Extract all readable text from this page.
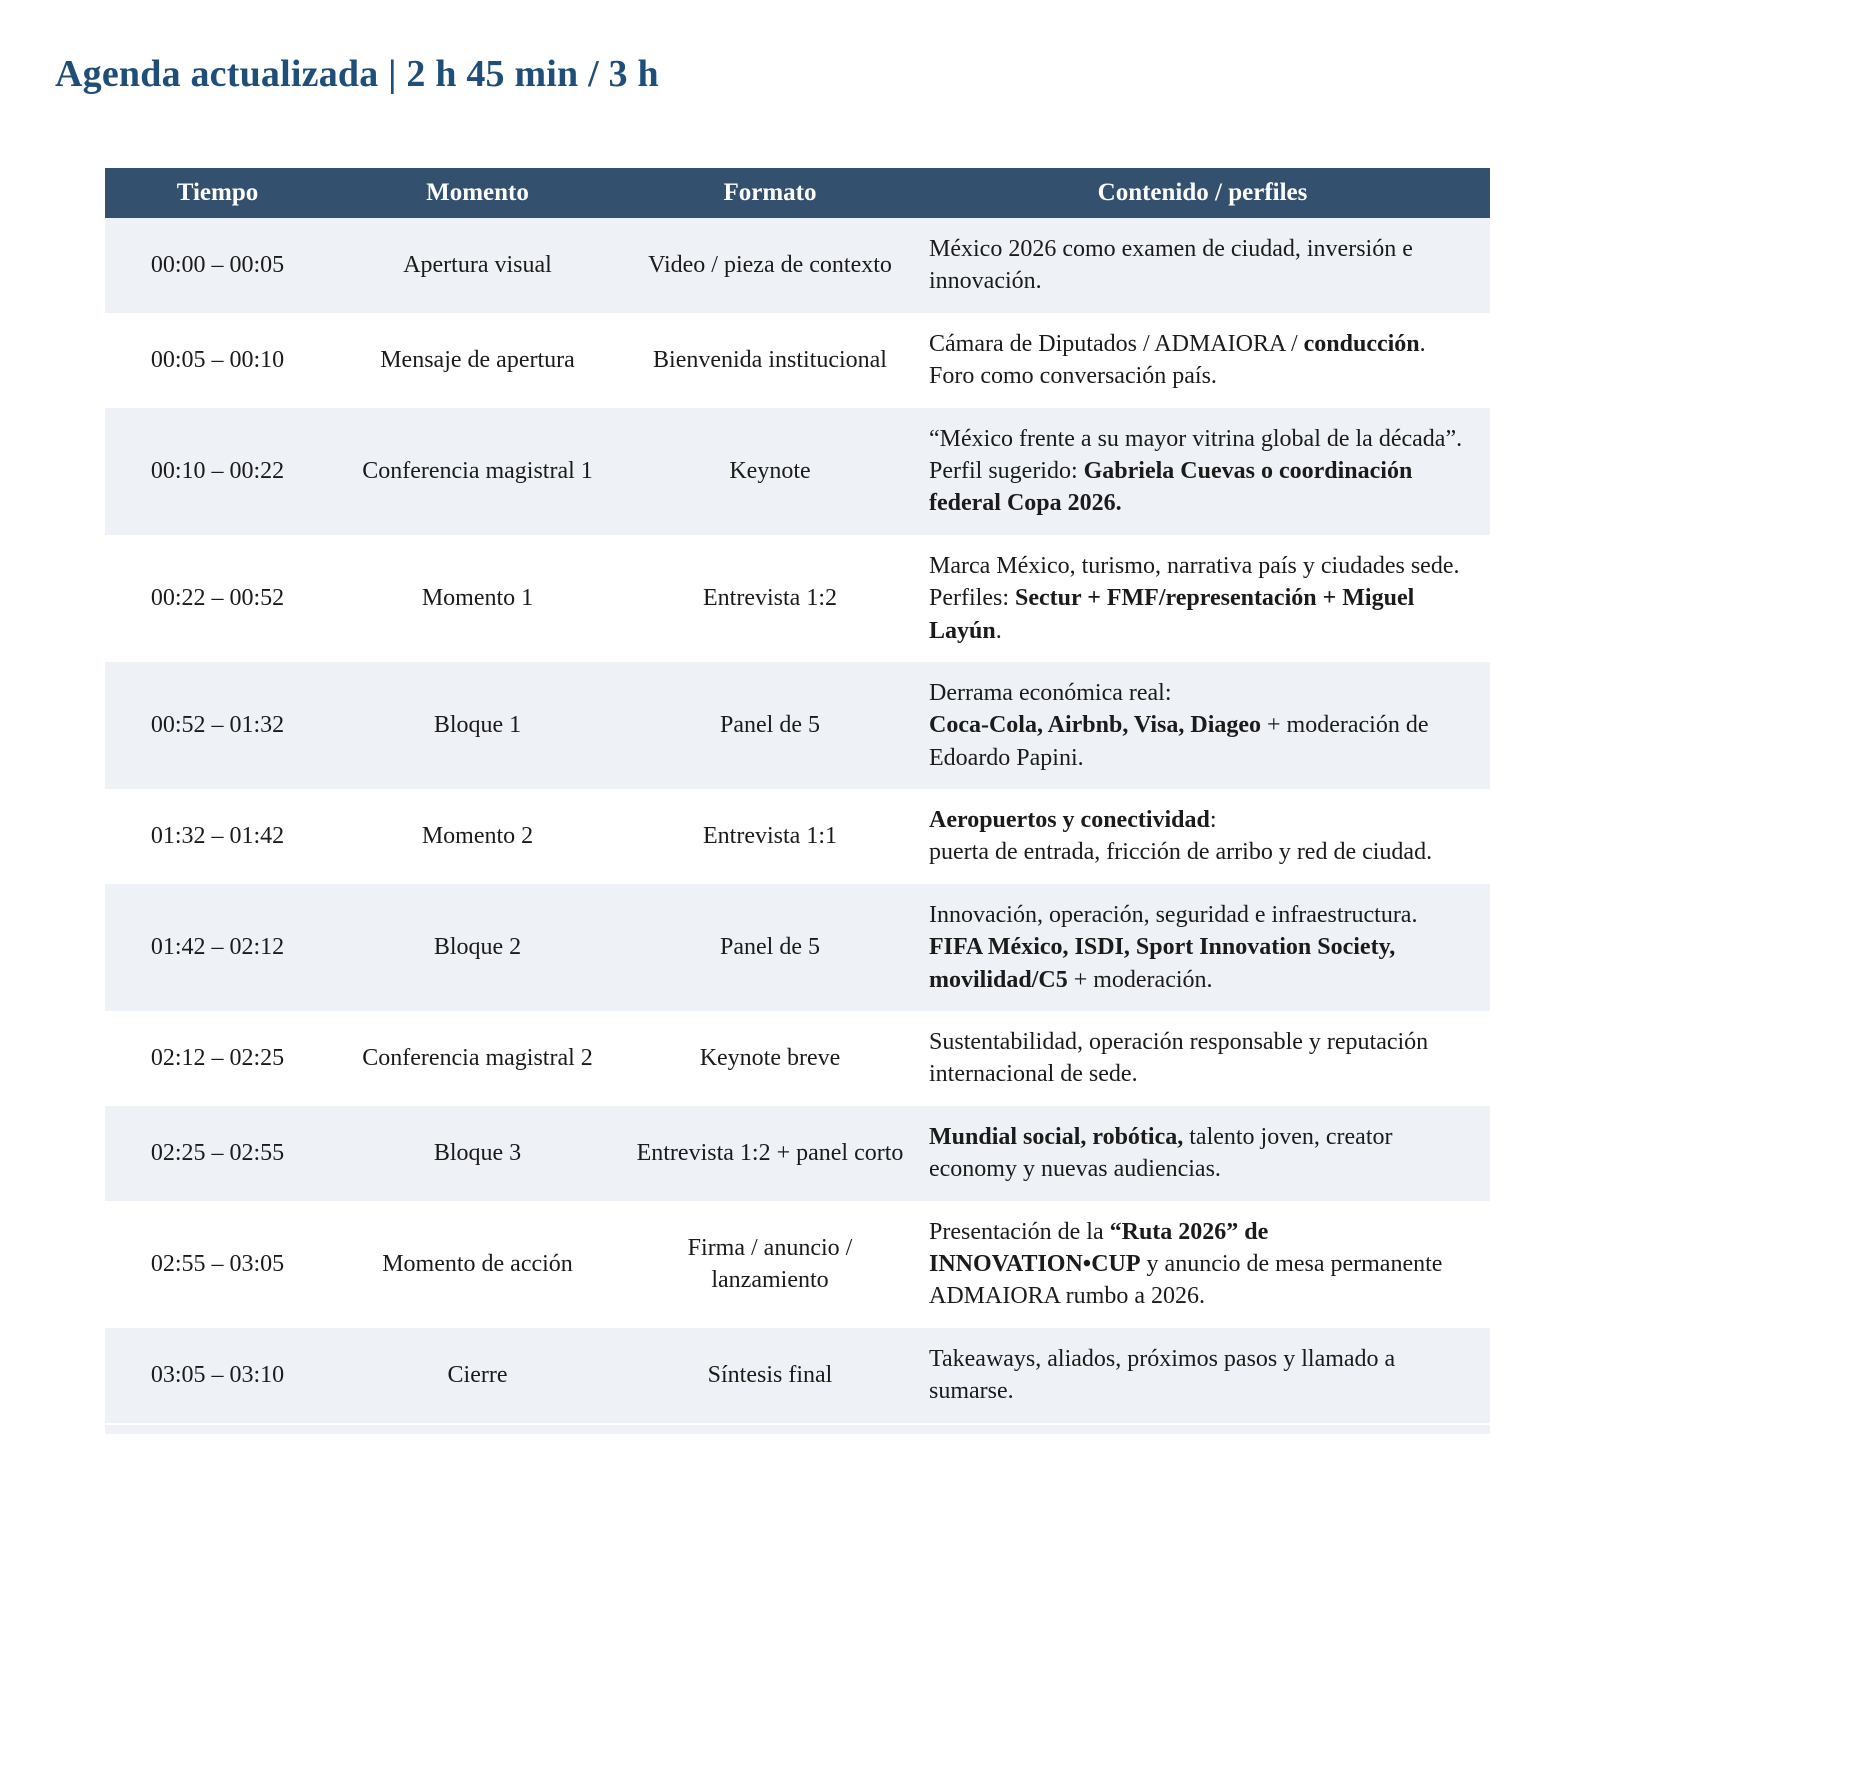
Agenda actualizada | 2 h 45 min / 3 h
Tiempo	Momento	Formato	Contenido / perfiles
00:00 – 00:05	Apertura visual	Video / pieza de contexto	México 2026 como examen de ciudad, inversión e innovación.

00:05 – 00:10	Mensaje de apertura	Bienvenida institucional	Cámara de Diputados / ADMAIORA / conducción.
Foro como conversación país.

00:10 – 00:22	Conferencia magistral 1	Keynote	“México frente a su mayor vitrina global de la década”.
Perfil sugerido: Gabriela Cuevas o coordinación federal Copa 2026.

00:22 – 00:52	Momento 1	Entrevista 1:2	Marca México, turismo, narrativa país y ciudades sede.
Perfiles: Sectur + FMF/representación + Miguel Layún.

00:52 – 01:32	Bloque 1	Panel de 5	Derrama económica real:
Coca-Cola, Airbnb, Visa, Diageo + moderación de Edoardo Papini.

01:32 – 01:42	Momento 2	Entrevista 1:1	Aeropuertos y conectividad:
puerta de entrada, fricción de arribo y red de ciudad.

01:42 – 02:12	Bloque 2	Panel de 5	Innovación, operación, seguridad e infraestructura.
FIFA México, ISDI, Sport Innovation Society, movilidad/C5 + moderación.

02:12 – 02:25	Conferencia magistral 2	Keynote breve	Sustentabilidad, operación responsable y reputación internacional de sede.

02:25 – 02:55	Bloque 3	Entrevista 1:2 + panel corto	Mundial social, robótica, talento joven, creator economy y nuevas audiencias.

02:55 – 03:05	Momento de acción	Firma / anuncio / lanzamiento	Presentación de la “Ruta 2026” de INNOVATION•CUP y anuncio de mesa permanente ADMAIORA rumbo a 2026.

03:05 – 03:10	Cierre	Síntesis final	Takeaways, aliados, próximos pasos y llamado a sumarse.
